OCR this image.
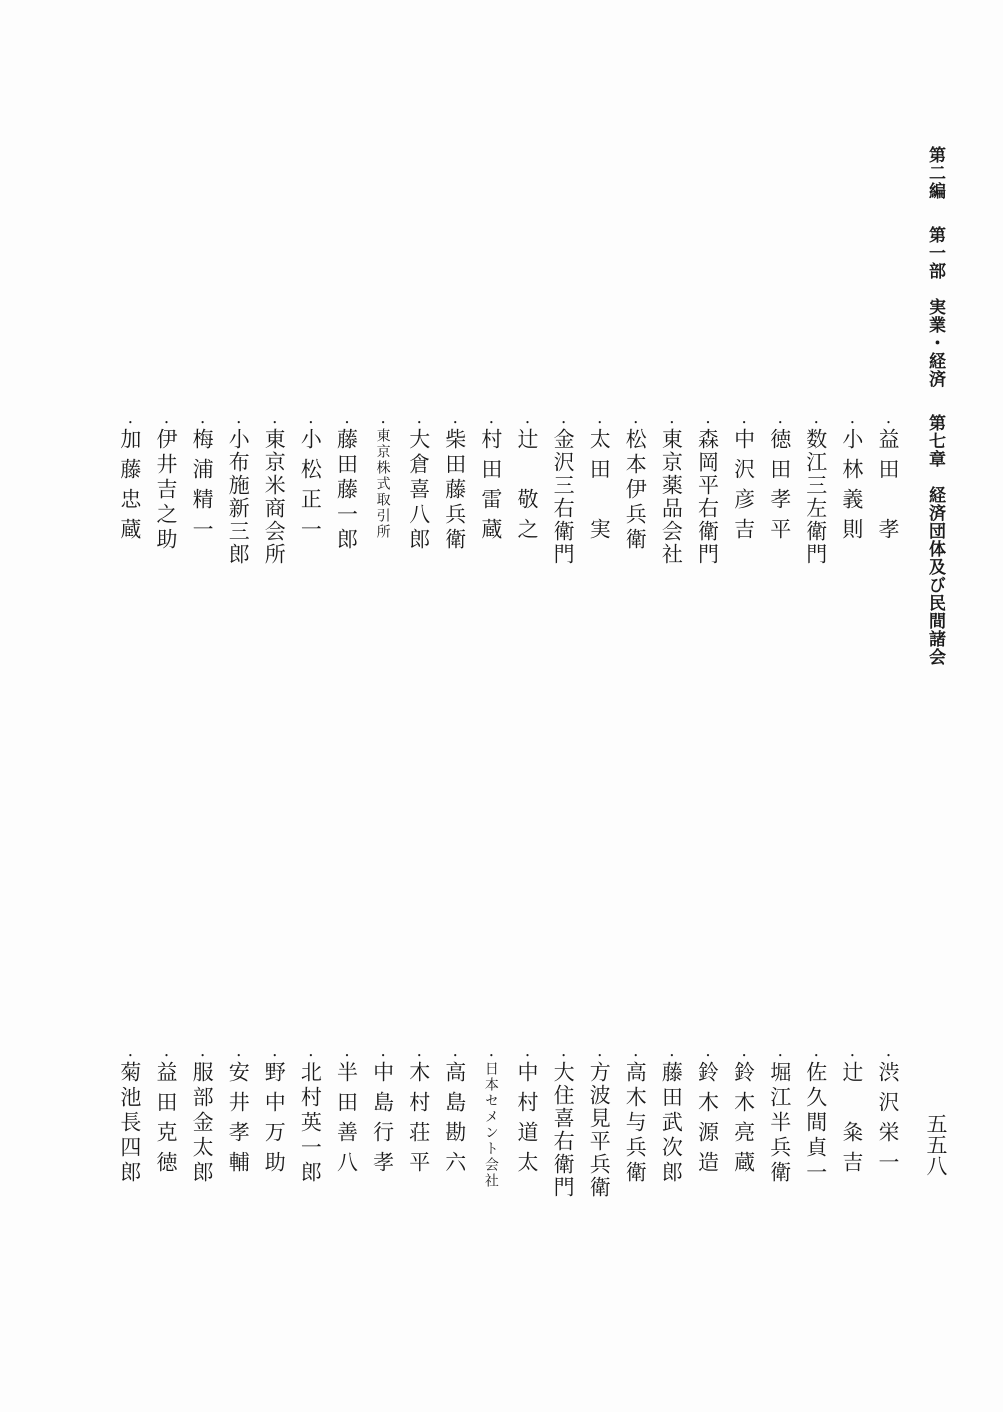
第二編第一部　実業・経済第七章　経済団体及び民間諸会
五五八
・益田　孝
・小林義則
・数江三左衛門
・徳田孝平
・中沢彦吉
・森岡平右衛門
・東京薬品会社
・松本伊兵衛
・太田　実
・金沢三右衛門
・辻　敬之
・村田雷蔵
・柴田藤兵衛
・大倉喜八郎
・東京株式取引所
・藤田藤一郎
・小松正一
・東京米商会所
・小布施新三郎
・梅浦精一
・伊井吉之助
・加藤忠蔵
・渋沢栄一
・辻　粂吉
・佐久間貞一
・堀江半兵衛
・鈴木亮蔵
・鈴木源造
・藤田武次郎
・高木与兵衛
・方波見平兵衛
・大住喜右衛門
・中村道太
・日本セメント会社
・高島勘六
・木村荘平
・中島行孝
・半田善八
・北村英一郎
・野中万助
・安井孝輔
・服部金太郎
・益田克徳
・菊池長四郎
